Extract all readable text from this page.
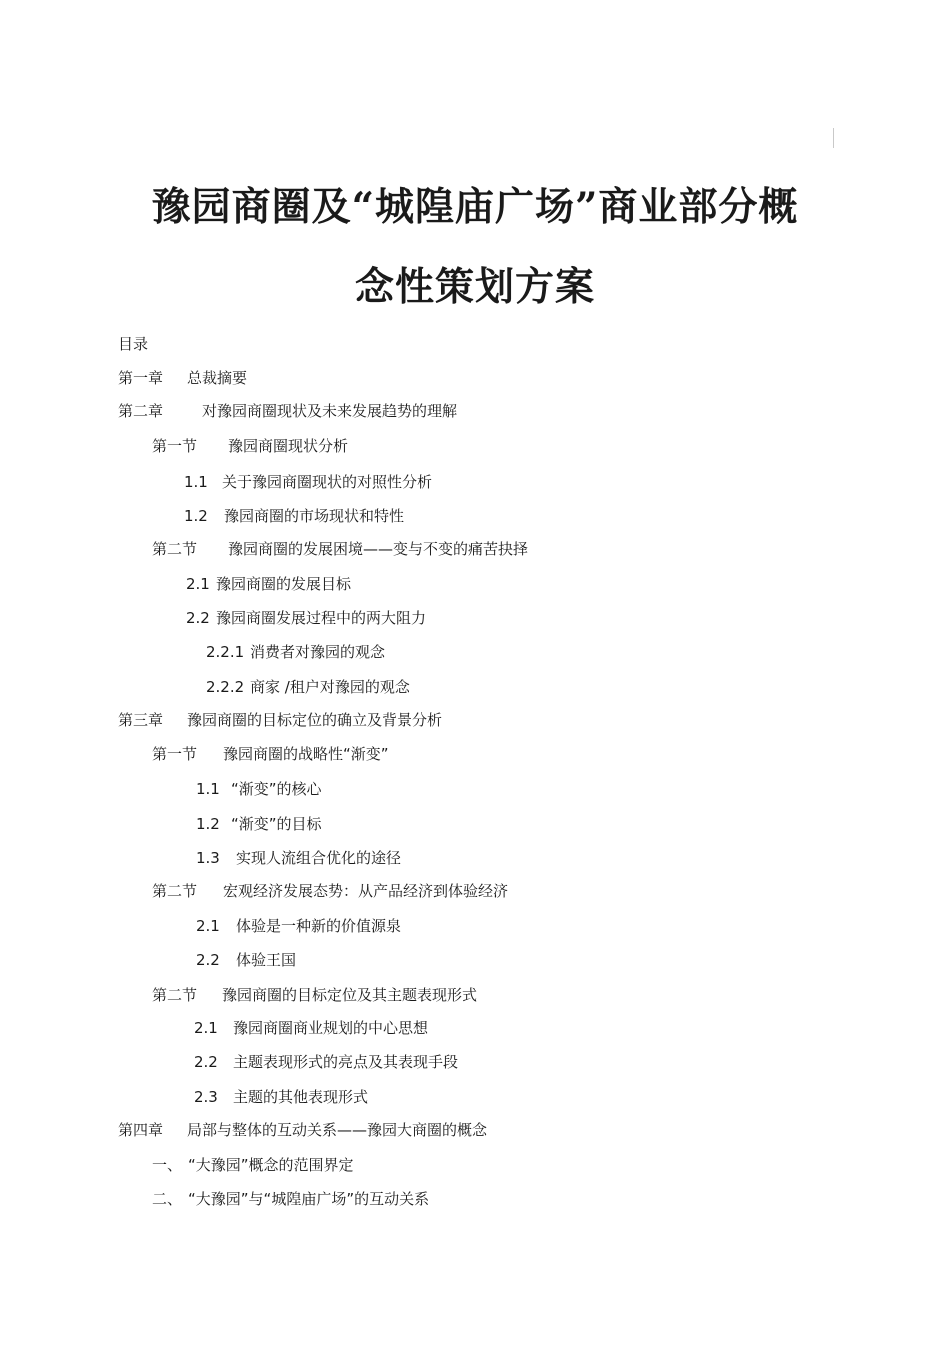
豫园商圈及“城隍庙广场”商业部分概
念性策划方案
目录
第一章	总裁摘要
第二章	对豫园商圈现状及未来发展趋势的理解
第一节	豫园商圈现状分析
1.1 关于豫园商圈现状的对照性分析
1.2	豫园商圈的市场现状和特性
第二节	豫园商圈的发展困境——变与不变的痛苦抉择
2.1 豫园商圈的发展目标
2.2 豫园商圈发展过程中的两大阻力
2.2.1 消费者对豫园的观念
2.2.2 商家 /租户对豫园的观念
第三章	豫园商圈的目标定位的确立及背景分析
第一节	豫园商圈的战略性“渐变”
1.1 “渐变”的核心
1.2 “渐变”的目标
1.3	实现人流组合优化的途径
第二节	宏观经济发展态势：从产品经济到体验经济
2.1	体验是一种新的价值源泉
2.2	体验王国
第二节	豫园商圈的目标定位及其主题表现形式
2.1	豫园商圈商业规划的中心思想
2.2	主题表现形式的亮点及其表现手段
2.3	主题的其他表现形式
第四章	局部与整体的互动关系——豫园大商圈的概念
一、 “大豫园”概念的范围界定
二、 “大豫园”与“城隍庙广场”的互动关系
